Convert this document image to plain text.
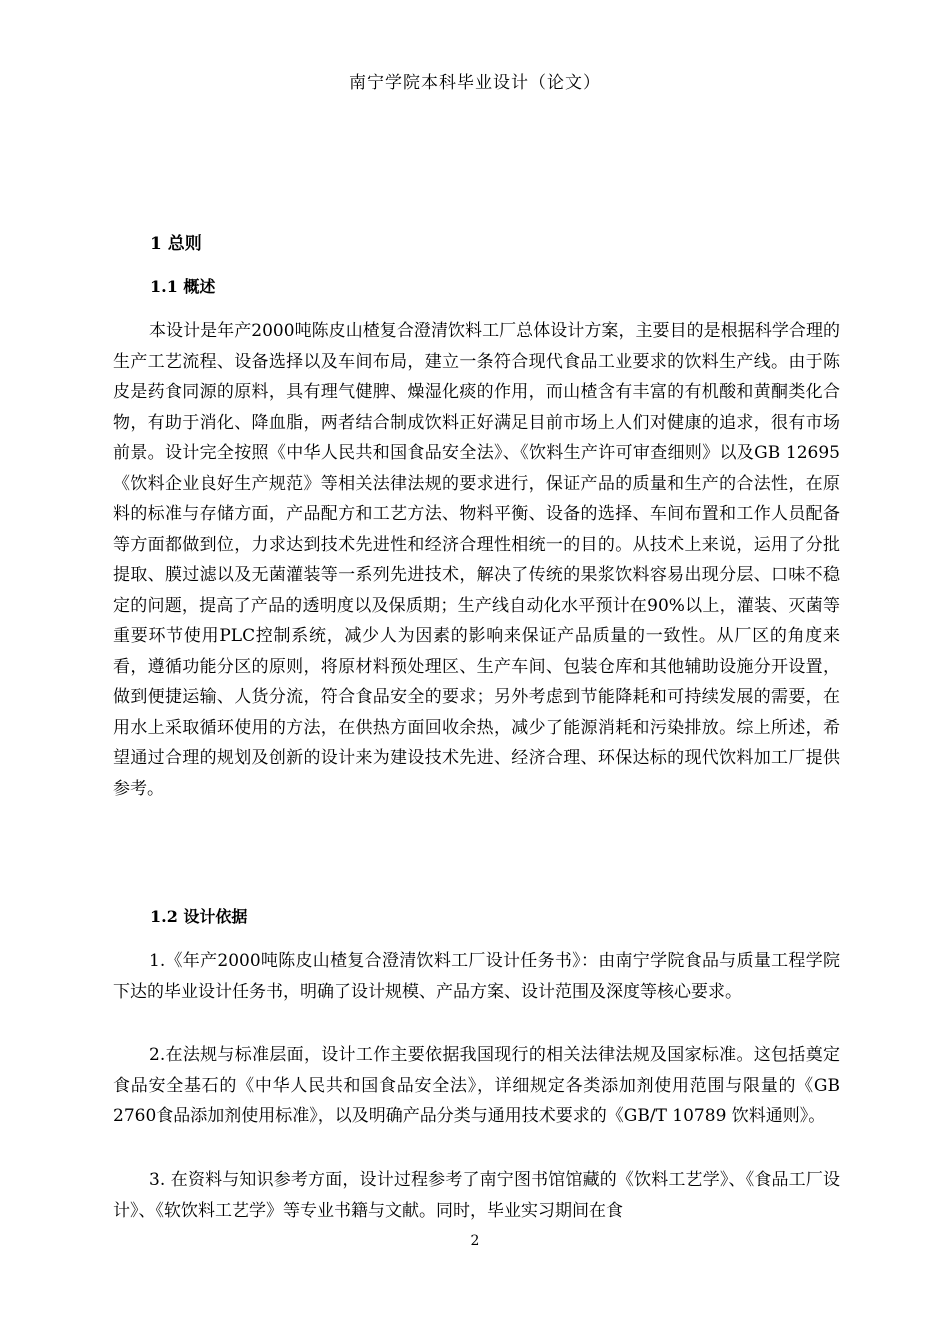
南宁学院本科毕业设计（论文）
1 总则
1.1 概述

本设计是年产2000吨陈皮山楂复合澄清饮料工厂总体设计方案，主要目的是根据科学合理的生产工艺流程、设备选择以及车间布局，建立一条符合现代食品工业要求的饮料生产线。由于陈皮是药食同源的原料，具有理气健脾、燥湿化痰的作用，而山楂含有丰富的有机酸和黄酮类化合物，有助于消化、降血脂，两者结合制成饮料正好满足目前市场上人们对健康的追求，很有市场前景。设计完全按照《中华人民共和国食品安全法》、《饮料生产许可审查细则》以及GB 12695《饮料企业良好生产规范》等相关法律法规的要求进行，保证产品的质量和生产的合法性，在原料的标准与存储方面，产品配方和工艺方法、物料平衡、设备的选择、车间布置和工作人员配备等方面都做到位，力求达到技术先进性和经济合理性相统一的目的。从技术上来说，运用了分批提取、膜过滤以及无菌灌装等一系列先进技术，解决了传统的果浆饮料容易出现分层、口味不稳定的问题，提高了产品的透明度以及保质期；生产线自动化水平预计在90%以上，灌装、灭菌等重要环节使用PLC控制系统，减少人为因素的影响来保证产品质量的一致性。从厂区的角度来看，遵循功能分区的原则，将原材料预处理区、生产车间、包装仓库和其他辅助设施分开设置，做到便捷运输、人货分流，符合食品安全的要求；另外考虑到节能降耗和可持续发展的需要，在用水上采取循环使用的方法，在供热方面回收余热，减少了能源消耗和污染排放。综上所述，希望通过合理的规划及创新的设计来为建设技术先进、经济合理、环保达标的现代饮料加工厂提供参考。

1.2 设计依据

1.《年产2000吨陈皮山楂复合澄清饮料工厂设计任务书》：由南宁学院食品与质量工程学院下达的毕业设计任务书，明确了设计规模、产品方案、设计范围及深度等核心要求。

2.在法规与标准层面，设计工作主要依据我国现行的相关法律法规及国家标准。这包括奠定食品安全基石的《中华人民共和国食品安全法》，详细规定各类添加剂使用范围与限量的《GB 2760食品添加剂使用标准》，以及明确产品分类与通用技术要求的《GB/T 10789 饮料通则》。

3. 在资料与知识参考方面，设计过程参考了南宁图书馆馆藏的《饮料工艺学》、《食品工厂设计》、《软饮料工艺学》等专业书籍与文献。同时，毕业实习期间在食

2
